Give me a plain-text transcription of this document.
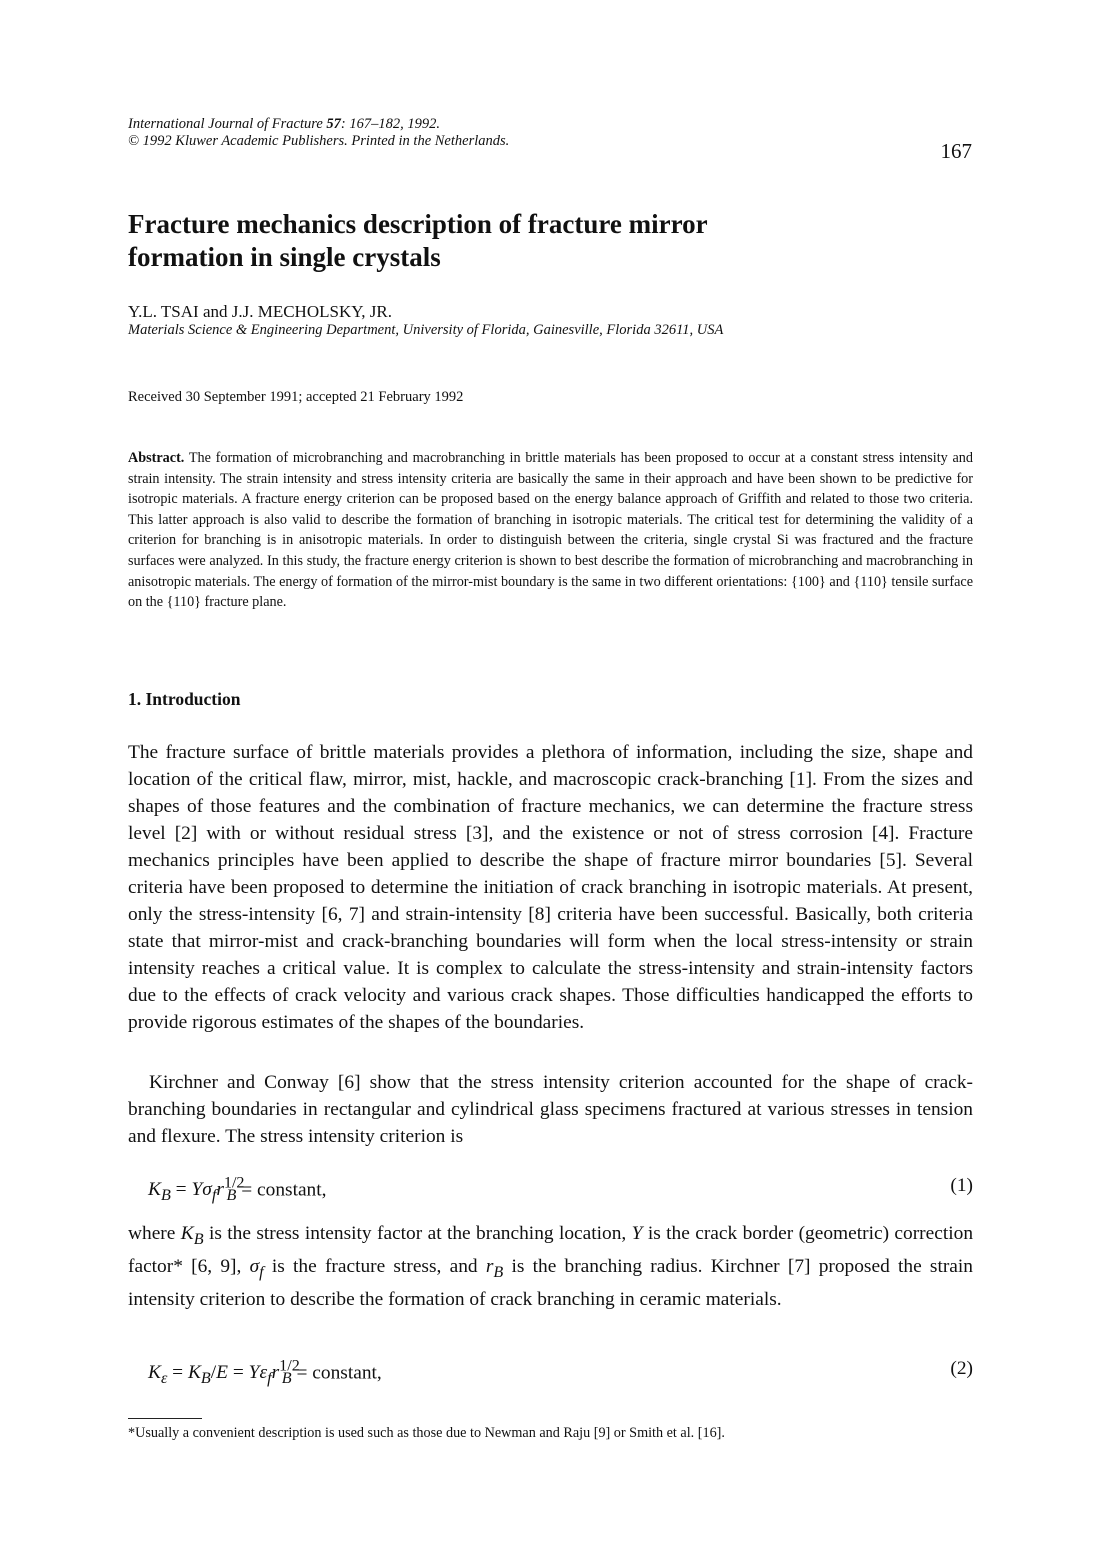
International Journal of Fracture 57: 167–182, 1992.
© 1992 Kluwer Academic Publishers. Printed in the Netherlands.	167
Fracture mechanics description of fracture mirror
formation in single crystals
Y.L. TSAI and J.J. MECHOLSKY, JR.
Materials Science & Engineering Department, University of Florida, Gainesville, Florida 32611, USA
Received 30 September 1991; accepted 21 February 1992
Abstract. The formation of microbranching and macrobranching in brittle materials has been proposed to occur at a constant stress intensity and strain intensity. The strain intensity and stress intensity criteria are basically the same in their approach and have been shown to be predictive for isotropic materials. A fracture energy criterion can be proposed based on the energy balance approach of Griffith and related to those two criteria. This latter approach is also valid to describe the formation of branching in isotropic materials. The critical test for determining the validity of a criterion for branching is in anisotropic materials. In order to distinguish between the criteria, single crystal Si was fractured and the fracture surfaces were analyzed. In this study, the fracture energy criterion is shown to best describe the formation of microbranching and macrobranching in anisotropic materials. The energy of formation of the mirror-mist boundary is the same in two different orientations: {100} and {110} tensile surface on the {110} fracture plane.
1. Introduction
The fracture surface of brittle materials provides a plethora of information, including the size, shape and location of the critical flaw, mirror, mist, hackle, and macroscopic crack-branching [1]. From the sizes and shapes of those features and the combination of fracture mechanics, we can determine the fracture stress level [2] with or without residual stress [3], and the existence or not of stress corrosion [4]. Fracture mechanics principles have been applied to describe the shape of fracture mirror boundaries [5]. Several criteria have been proposed to determine the initiation of crack branching in isotropic materials. At present, only the stress-intensity [6, 7] and strain-intensity [8] criteria have been successful. Basically, both criteria state that mirror-mist and crack-branching boundaries will form when the local stress-intensity or strain intensity reaches a critical value. It is complex to calculate the stress-intensity and strain-intensity factors due to the effects of crack velocity and various crack shapes. Those difficulties handicapped the efforts to provide rigorous estimates of the shapes of the boundaries.
Kirchner and Conway [6] show that the stress intensity criterion accounted for the shape of crack-branching boundaries in rectangular and cylindrical glass specimens fractured at various stresses in tension and flexure. The stress intensity criterion is
$K_B = Y\sigma_fr^{1/2}_B$ = constant,	(1)
where $K_B$ is the stress intensity factor at the branching location, Y is the crack border (geometric) correction factor* [6, 9], $\sigma_f$ is the fracture stress, and $r_B$ is the branching radius. Kirchner [7] proposed the strain intensity criterion to describe the formation of crack branching in ceramic materials.
$K_\varepsilon = K_B/E = Y\varepsilon_fr^{1/2}_B$ = constant,	(2)
*Usually a convenient description is used such as those due to Newman and Raju [9] or Smith et al. [16].
